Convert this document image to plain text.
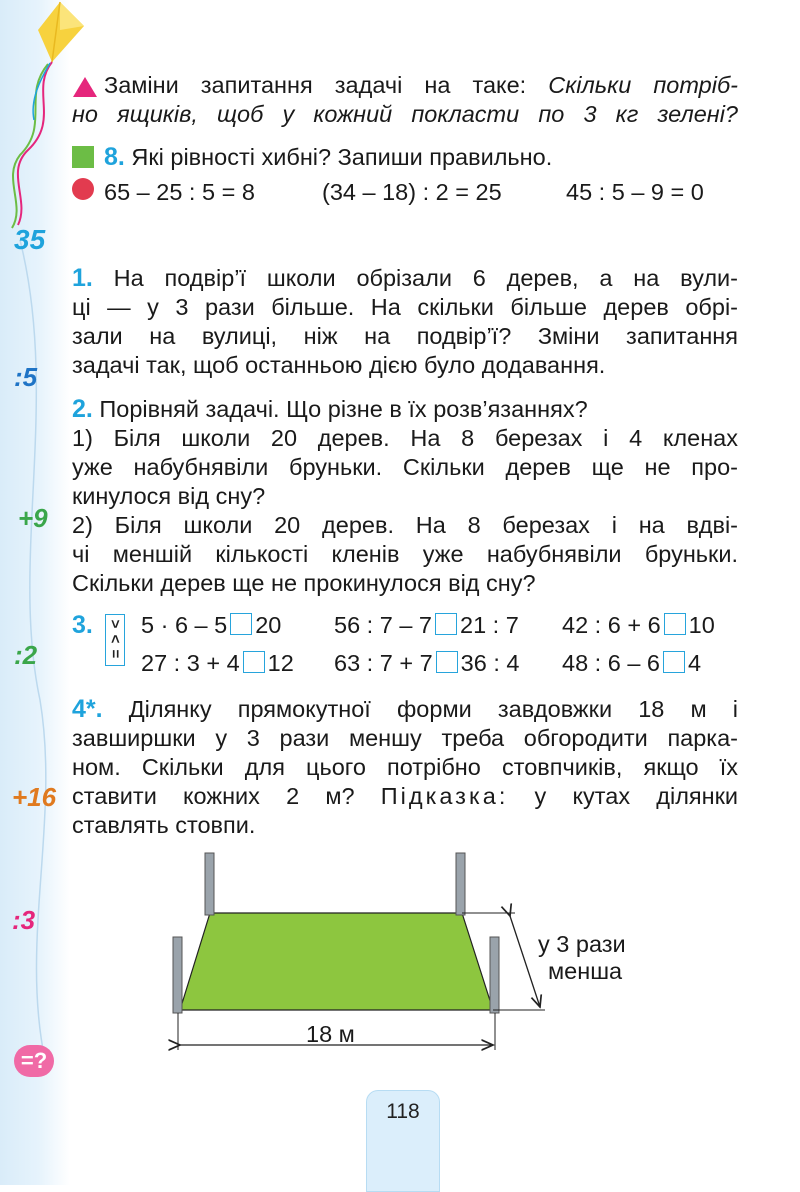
35
:5
+9
:2
+16
:3
=?
Заміни запитання задачі на таке: Скільки потріб-
но ящиків, щоб у кожний покласти по 3 кг зелені?
8. Які рівності хибні? Запиши правильно.
65 – 25 : 5 = 8	(34 – 18) : 2 = 25	45 : 5 – 9 = 0
1. На подвір’ї школи обрізали 6 дерев, а на вули-
ці — у 3 рази більше. На скільки більше дерев обрі-
зали на вулиці, ніж на подвір’ї? Зміни запитання
задачі так, щоб останньою дією було додавання.
2. Порівняй задачі. Що різне в їх розв’язаннях?
1) Біля школи 20 дерев. На 8 березах і 4 кленах
уже набубнявіли бруньки. Скільки дерев ще не про-
кинулося від сну?
2) Біля школи 20 дерев. На 8 березах і на вдві-
чі меншій кількості кленів уже набубнявіли бруньки.
Скільки дерев ще не прокинулося від сну?
3. > < =
5 · 6 – 5 20 56 : 7 – 7 21 : 7 42 : 6 + 6 10
27 : 3 + 4 12 63 : 7 + 7 36 : 4 48 : 6 – 6 4
4*. Ділянку прямокутної форми завдовжки 18 м і
завширшки у 3 рази меншу треба обгородити парка-
ном. Скільки для цього потрібно стовпчиків, якщо їх
ставити кожних 2 м? Підказка: у кутах ділянки
ставлять стовпи.
18 м
у 3 рази
менша
118
